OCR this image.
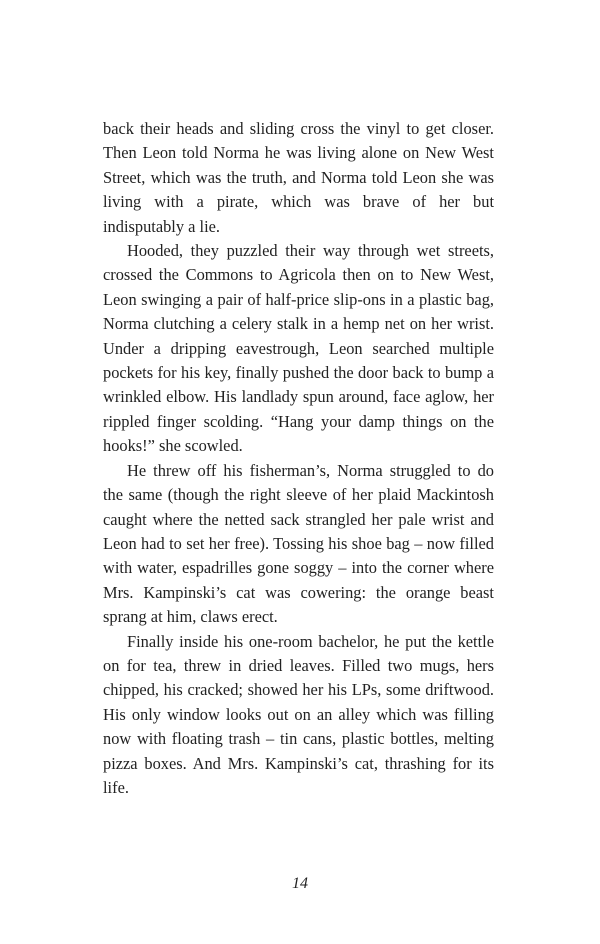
back their heads and sliding cross the vinyl to get closer. Then Leon told Norma he was living alone on New West Street, which was the truth, and Norma told Leon she was living with a pirate, which was brave of her but indisputably a lie.

Hooded, they puzzled their way through wet streets, crossed the Commons to Agricola then on to New West, Leon swinging a pair of half-price slip-ons in a plastic bag, Norma clutching a celery stalk in a hemp net on her wrist. Under a dripping eavestrough, Leon searched multiple pockets for his key, finally pushed the door back to bump a wrinkled elbow. His landlady spun around, face aglow, her rippled finger scolding. “Hang your damp things on the hooks!” she scowled.

He threw off his fisherman’s, Norma struggled to do the same (though the right sleeve of her plaid Mackintosh caught where the netted sack strangled her pale wrist and Leon had to set her free). Tossing his shoe bag – now filled with water, espadrilles gone soggy – into the corner where Mrs. Kampinski’s cat was cowering: the orange beast sprang at him, claws erect.

Finally inside his one-room bachelor, he put the kettle on for tea, threw in dried leaves. Filled two mugs, hers chipped, his cracked; showed her his LPs, some driftwood. His only window looks out on an alley which was filling now with floating trash – tin cans, plastic bottles, melting pizza boxes. And Mrs. Kampinski’s cat, thrashing for its life.

14
